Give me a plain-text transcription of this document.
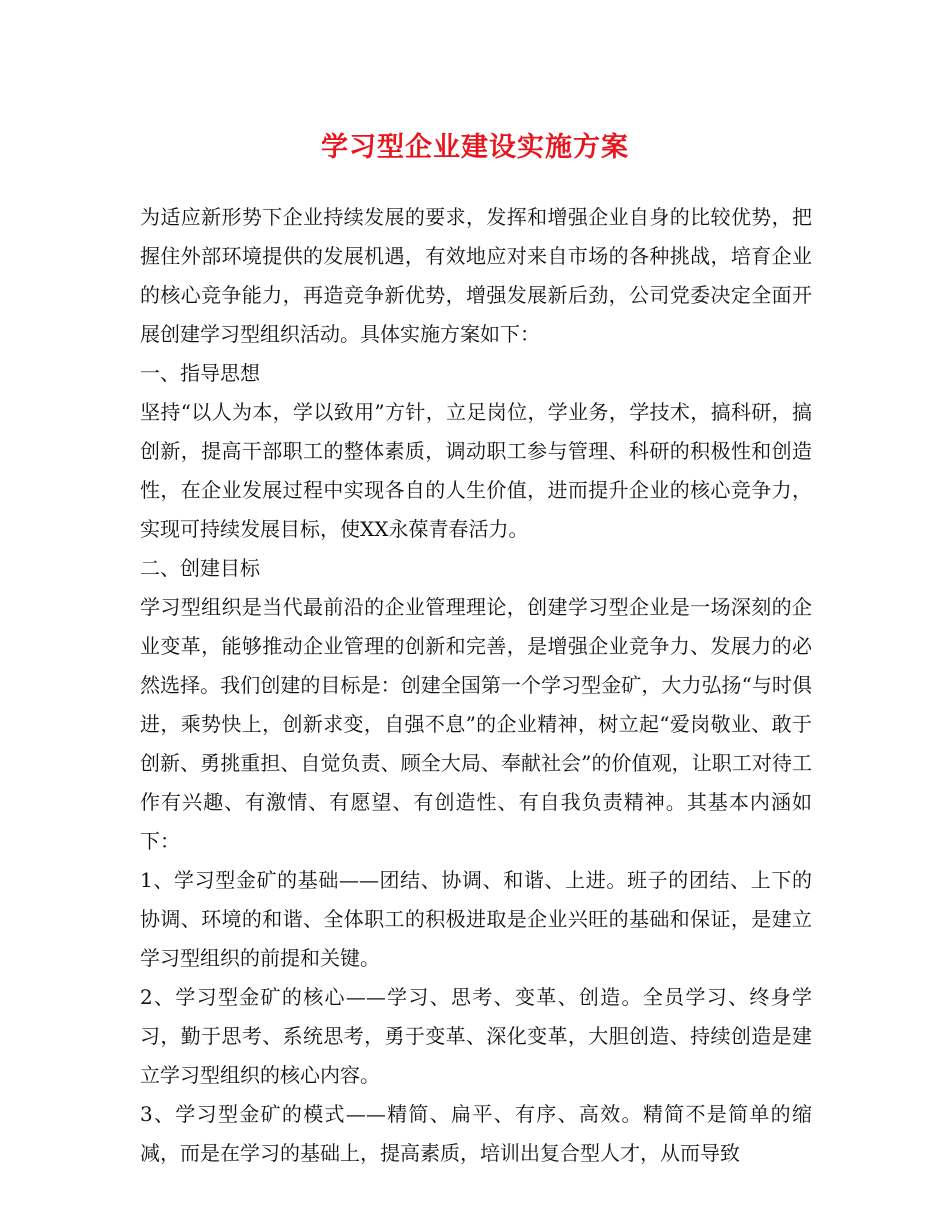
学习型企业建设实施方案

为适应新形势下企业持续发展的要求，发挥和增强企业自身的比较优势，把握住外部环境提供的发展机遇，有效地应对来自市场的各种挑战，培育企业的核心竞争能力，再造竞争新优势，增强发展新后劲，公司党委决定全面开展创建学习型组织活动。具体实施方案如下：

一、指导思想

坚持“以人为本，学以致用”方针，立足岗位，学业务，学技术，搞科研，搞创新，提高干部职工的整体素质，调动职工参与管理、科研的积极性和创造性，在企业发展过程中实现各自的人生价值，进而提升企业的核心竞争力，实现可持续发展目标，使XX永葆青春活力。

二、创建目标

学习型组织是当代最前沿的企业管理理论，创建学习型企业是一场深刻的企业变革，能够推动企业管理的创新和完善，是增强企业竞争力、发展力的必然选择。我们创建的目标是：创建全国第一个学习型金矿，大力弘扬“与时俱进，乘势快上，创新求变，自强不息”的企业精神，树立起“爱岗敬业、敢于创新、勇挑重担、自觉负责、顾全大局、奉献社会”的价值观，让职工对待工作有兴趣、有激情、有愿望、有创造性、有自我负责精神。其基本内涵如下：

1、学习型金矿的基础——团结、协调、和谐、上进。班子的团结、上下的协调、环境的和谐、全体职工的积极进取是企业兴旺的基础和保证，是建立学习型组织的前提和关键。

2、学习型金矿的核心——学习、思考、变革、创造。全员学习、终身学习，勤于思考、系统思考，勇于变革、深化变革，大胆创造、持续创造是建立学习型组织的核心内容。

3、学习型金矿的模式——精简、扁平、有序、高效。精简不是简单的缩减，而是在学习的基础上，提高素质，培训出复合型人才，从而导致
